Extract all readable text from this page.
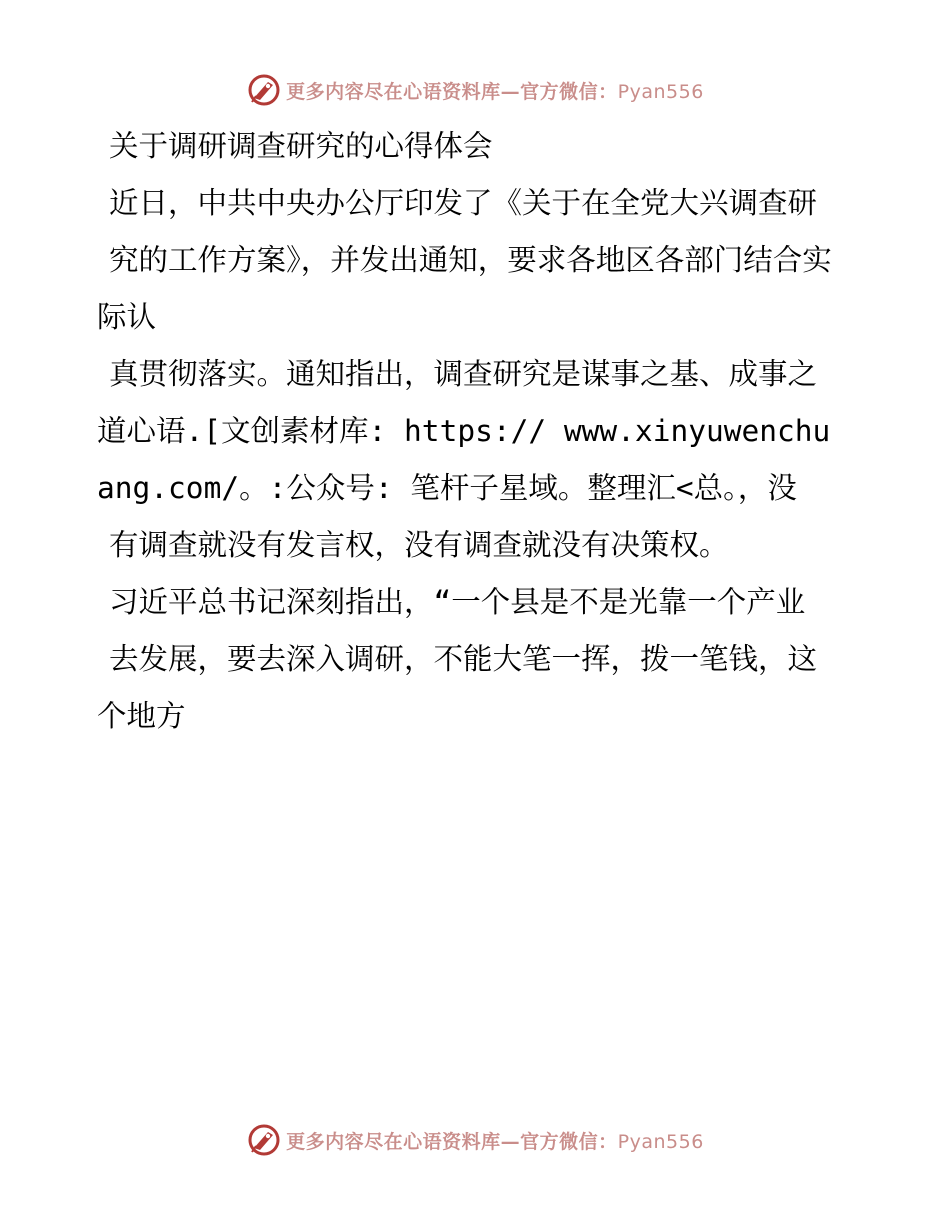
更多内容尽在心语资料库—官方微信：Pyan556
关于调研调查研究的心得体会
近日，中共中央办公厅印发了《关于在全党大兴调查研
究的工作方案》，并发出通知，要求各地区各部门结合实际认
真贯彻落实。通知指出，调查研究是谋事之基、成事之道心语.[文创素材库: https:// www.xinyuwenchuang.com/。:公众号: 笔杆子星域。整理汇<总。，没
有调查就没有发言权，没有调查就没有决策权。
习近平总书记深刻指出，“一个县是不是光靠一个产业
去发展，要去深入调研，不能大笔一挥，拨一笔钱，这个地方
更多内容尽在心语资料库—官方微信：Pyan556
